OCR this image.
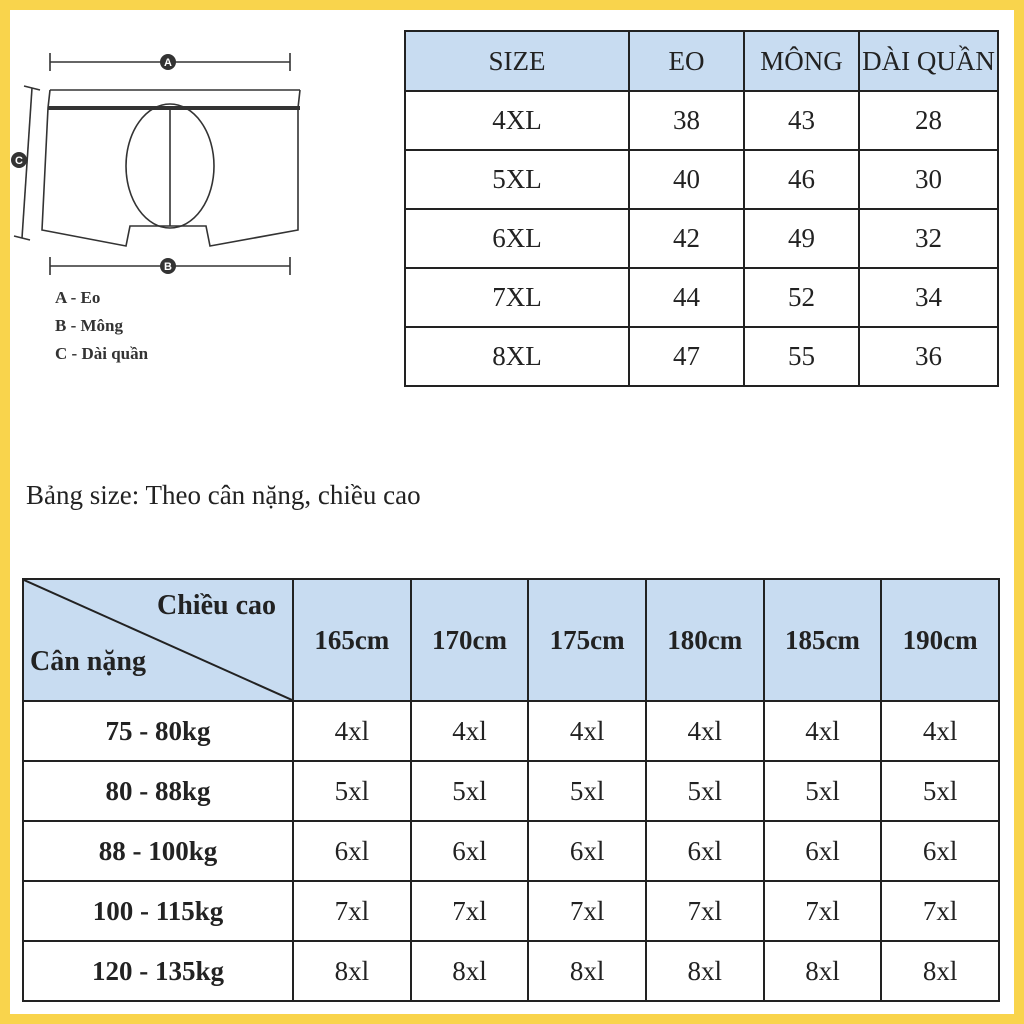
A
B
C
A - Eo
B - Mông
C - Dài quần
SIZE	EO	MÔNG	DÀI QUẦN
4XL	38	43	28
5XL	40	46	30
6XL	42	49	32
7XL	44	52	34
8XL	47	55	36
Bảng size: Theo cân nặng, chiều cao
Chiều cao
Cân nặng	165cm	170cm	175cm	180cm	185cm	190cm
75 - 80kg	4xl	4xl	4xl	4xl	4xl	4xl
80 - 88kg	5xl	5xl	5xl	5xl	5xl	5xl
88 - 100kg	6xl	6xl	6xl	6xl	6xl	6xl
100 - 115kg	7xl	7xl	7xl	7xl	7xl	7xl
120 - 135kg	8xl	8xl	8xl	8xl	8xl	8xl
